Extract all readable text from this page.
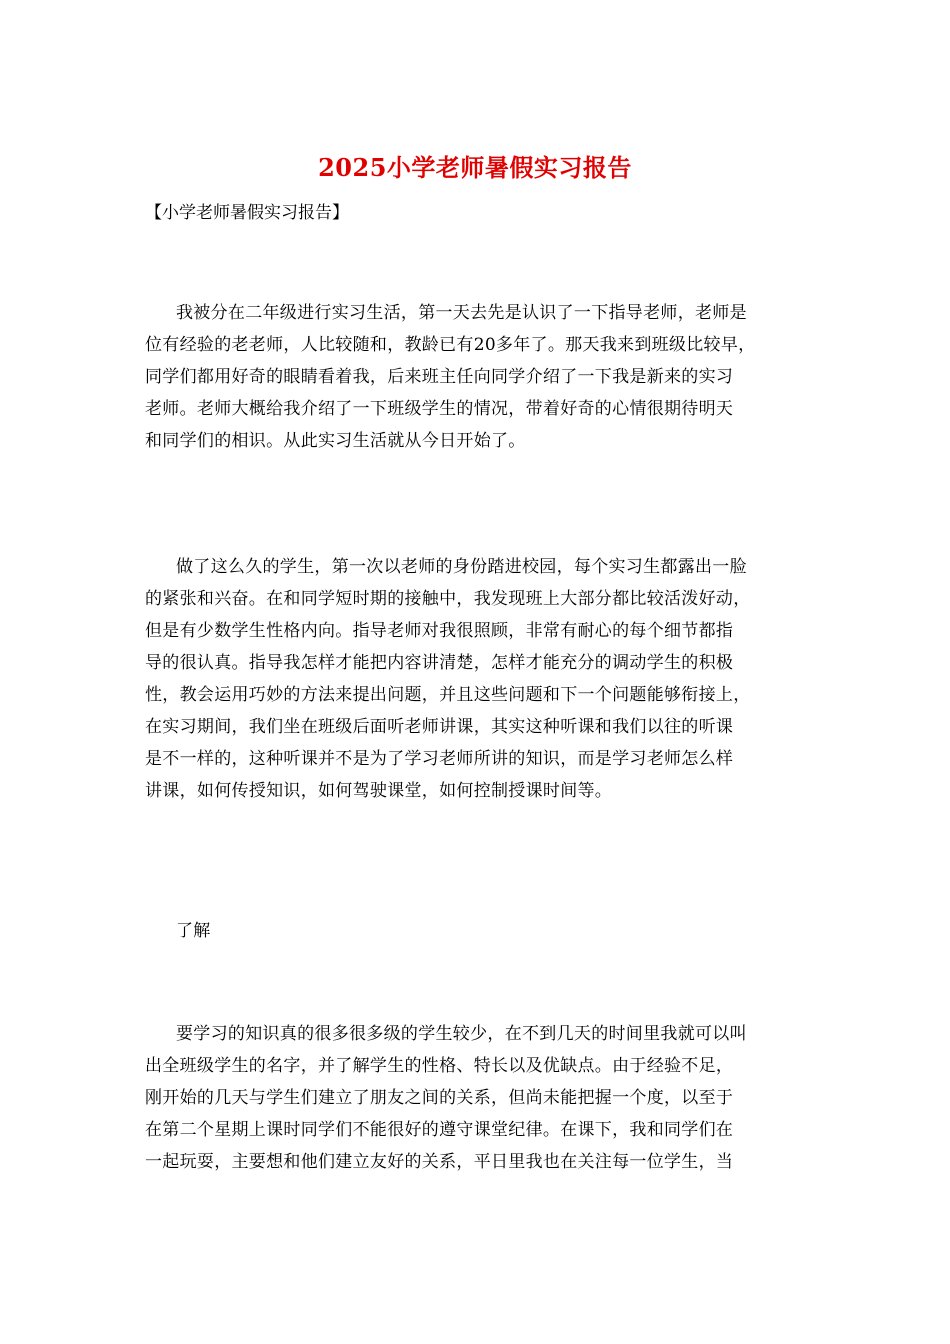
2025小学老师暑假实习报告
【小学老师暑假实习报告】
我被分在二年级进行实习生活，第一天去先是认识了一下指导老师，老师是
位有经验的老老师，人比较随和，教龄已有20多年了。那天我来到班级比较早，
同学们都用好奇的眼睛看着我，后来班主任向同学介绍了一下我是新来的实习
老师。老师大概给我介绍了一下班级学生的情况，带着好奇的心情很期待明天
和同学们的相识。从此实习生活就从今日开始了。
做了这么久的学生，第一次以老师的身份踏进校园，每个实习生都露出一脸
的紧张和兴奋。在和同学短时期的接触中，我发现班上大部分都比较活泼好动，
但是有少数学生性格内向。指导老师对我很照顾，非常有耐心的每个细节都指
导的很认真。指导我怎样才能把内容讲清楚，怎样才能充分的调动学生的积极
性，教会运用巧妙的方法来提出问题，并且这些问题和下一个问题能够衔接上，
在实习期间，我们坐在班级后面听老师讲课，其实这种听课和我们以往的听课
是不一样的，这种听课并不是为了学习老师所讲的知识，而是学习老师怎么样
讲课，如何传授知识，如何驾驶课堂，如何控制授课时间等。
了解
要学习的知识真的很多很多级的学生较少，在不到几天的时间里我就可以叫
出全班级学生的名字，并了解学生的性格、特长以及优缺点。由于经验不足，
刚开始的几天与学生们建立了朋友之间的关系，但尚未能把握一个度，以至于
在第二个星期上课时同学们不能很好的遵守课堂纪律。在课下，我和同学们在
一起玩耍，主要想和他们建立友好的关系，平日里我也在关注每一位学生，当
